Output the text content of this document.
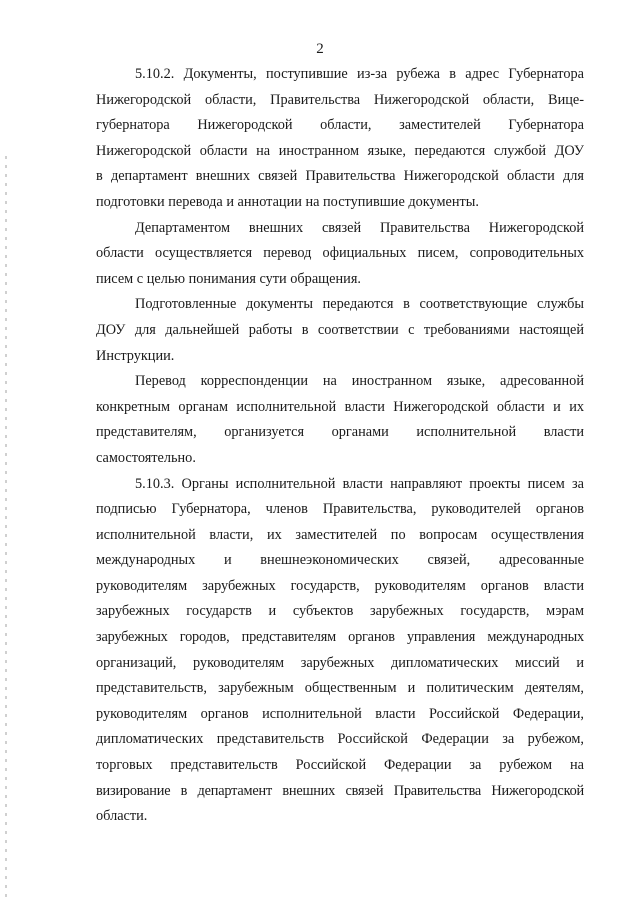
2
5.10.2. Документы, поступившие из-за рубежа в адрес Губернатора
Нижегородской области, Правительства Нижегородской области, Вице-
губернатора Нижегородской области, заместителей Губернатора
Нижегородской области на иностранном языке, передаются службой ДОУ
в департамент внешних связей Правительства Нижегородской области для
подготовки перевода и аннотации на поступившие документы.
Департаментом внешних связей Правительства Нижегородской
области осуществляется перевод официальных писем, сопроводительных
писем с целью понимания сути обращения.
Подготовленные документы передаются в соответствующие службы
ДОУ для дальнейшей работы в соответствии с требованиями настоящей
Инструкции.
Перевод корреспонденции на иностранном языке, адресованной
конкретным органам исполнительной власти Нижегородской области и их
представителям, организуется органами исполнительной власти
самостоятельно.
5.10.3. Органы исполнительной власти направляют проекты писем за
подписью Губернатора, членов Правительства, руководителей органов
исполнительной власти, их заместителей по вопросам осуществления
международных и внешнеэкономических связей, адресованные
руководителям зарубежных государств, руководителям органов власти
зарубежных государств и субъектов зарубежных государств, мэрам
зарубежных городов, представителям органов управления международных
организаций, руководителям зарубежных дипломатических миссий и
представительств, зарубежным общественным и политическим деятелям,
руководителям органов исполнительной власти Российской Федерации,
дипломатических представительств Российской Федерации за рубежом,
торговых представительств Российской Федерации за рубежом на
визирование в департамент внешних связей Правительства Нижегородской
области.
